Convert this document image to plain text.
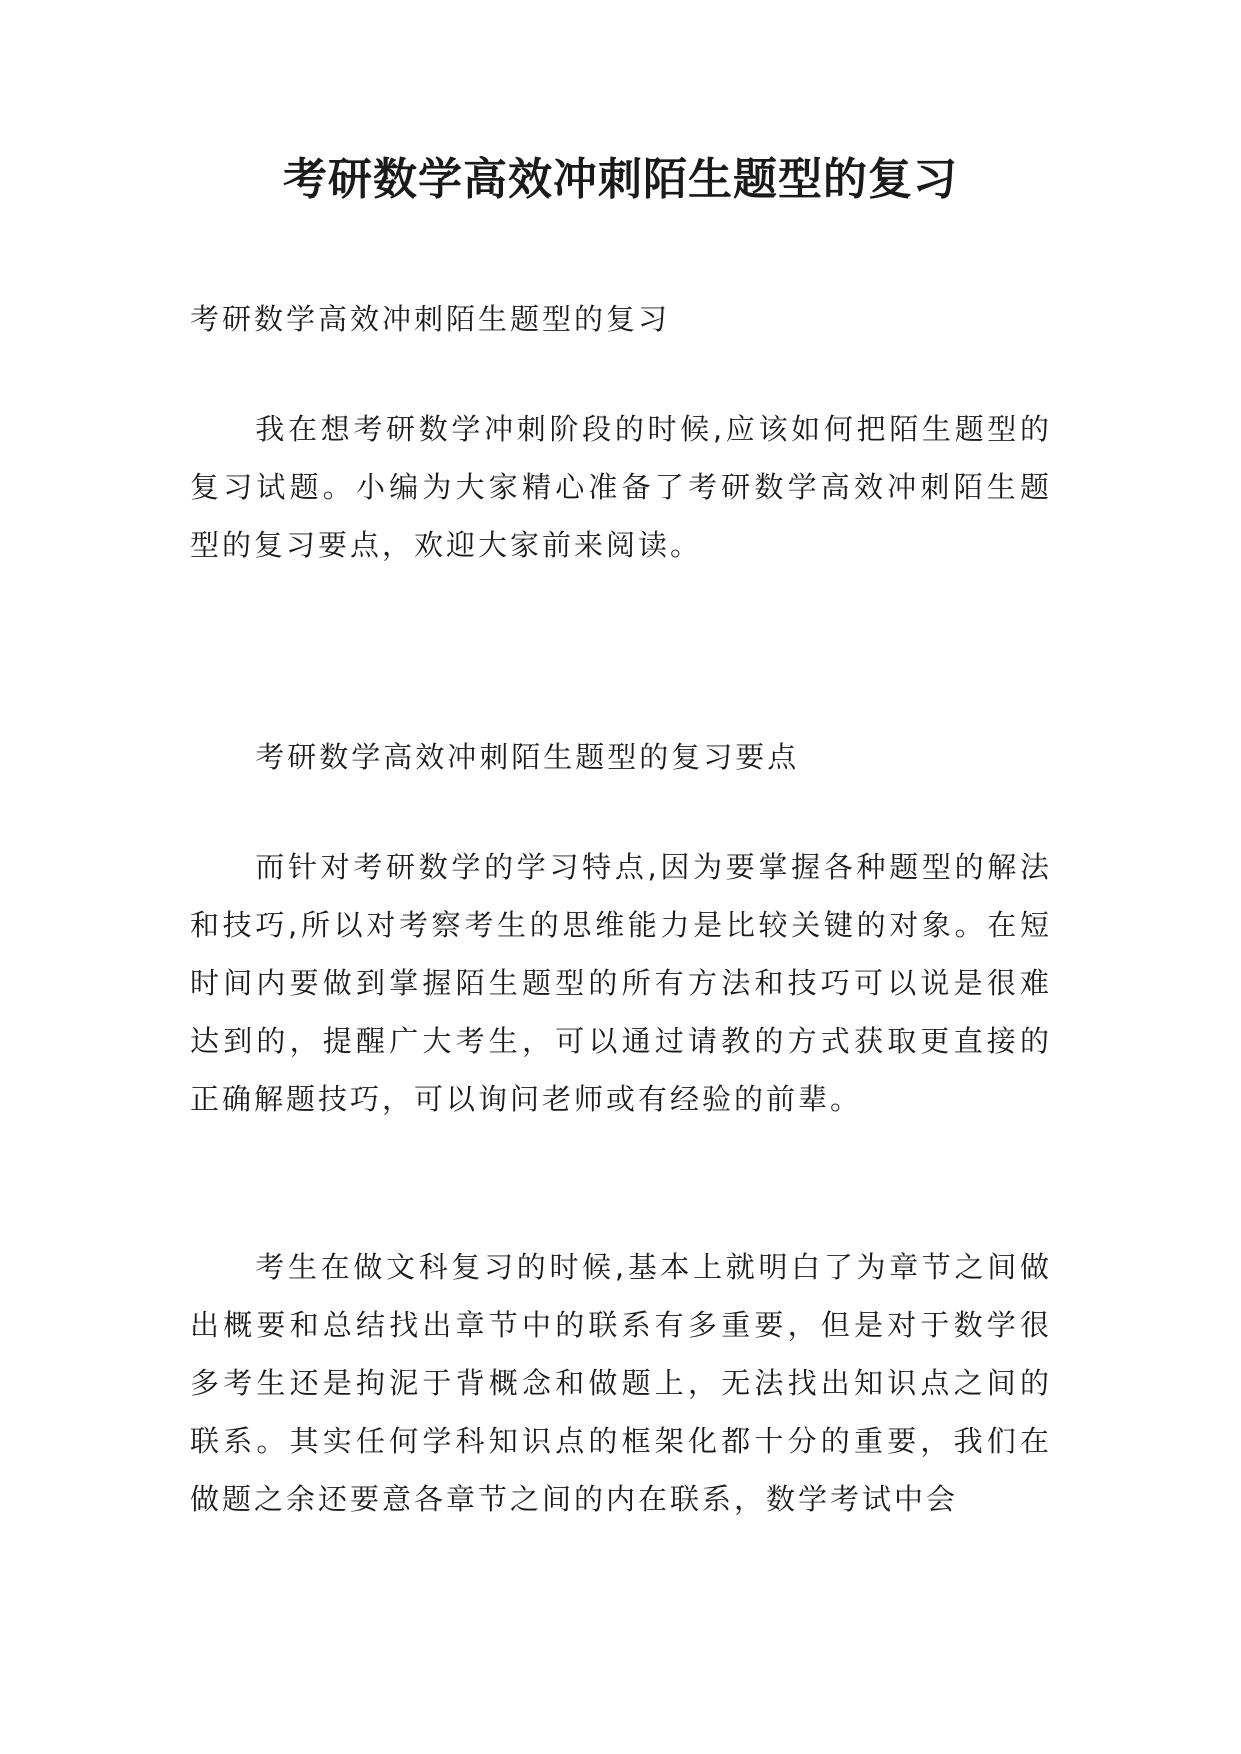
考研数学高效冲刺陌生题型的复习

考研数学高效冲刺陌生题型的复习

我在想考研数学冲刺阶段的时候,应该如何把陌生题型的复习试题。小编为大家精心准备了考研数学高效冲刺陌生题型的复习要点，欢迎大家前来阅读。

考研数学高效冲刺陌生题型的复习要点

而针对考研数学的学习特点,因为要掌握各种题型的解法和技巧,所以对考察考生的思维能力是比较关键的对象。在短时间内要做到掌握陌生题型的所有方法和技巧可以说是很难达到的，提醒广大考生，可以通过请教的方式获取更直接的正确解题技巧，可以询问老师或有经验的前辈。

考生在做文科复习的时候,基本上就明白了为章节之间做出概要和总结找出章节中的联系有多重要，但是对于数学很多考生还是拘泥于背概念和做题上，无法找出知识点之间的联系。其实任何学科知识点的框架化都十分的重要，我们在做题之余还要意各章节之间的内在联系，数学考试中会
